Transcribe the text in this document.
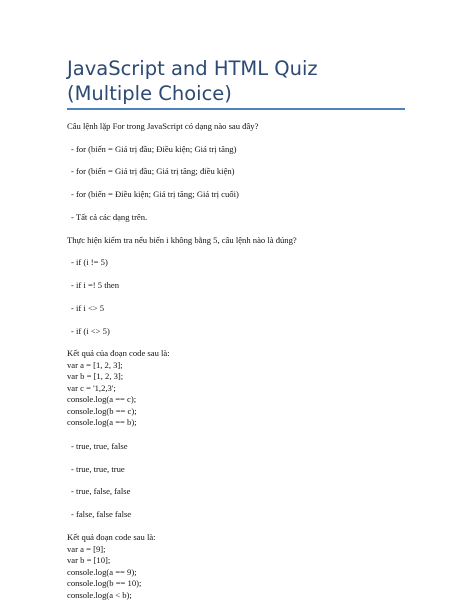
JavaScript and HTML Quiz (Multiple Choice)

Câu lệnh lặp For trong JavaScript có dạng nào sau đây?

- for (biến = Giá trị đầu; Điều kiện; Giá trị tăng)

- for (biến = Giá trị đầu; Giá trị tăng; điều kiện)

- for (biến = Điều kiện; Giá trị tăng; Giá trị cuối)

- Tất cả các dạng trên.

Thực hiện kiểm tra nếu biến i không bằng 5, câu lệnh nào là đúng?

- if (i != 5)

- if i =! 5 then

- if i <> 5

- if (i <> 5)

Kết quả của đoạn code sau là:
var a = [1, 2, 3];
var b = [1, 2, 3];
var c = '1,2,3';
console.log(a == c);
console.log(b == c);
console.log(a == b);

- true, true, false

- true, true, true

- true, false, false

- false, false false

Kết quả đoạn code sau là:
var a = [9];
var b = [10];
console.log(a == 9);
console.log(b == 10);
console.log(a < b);
